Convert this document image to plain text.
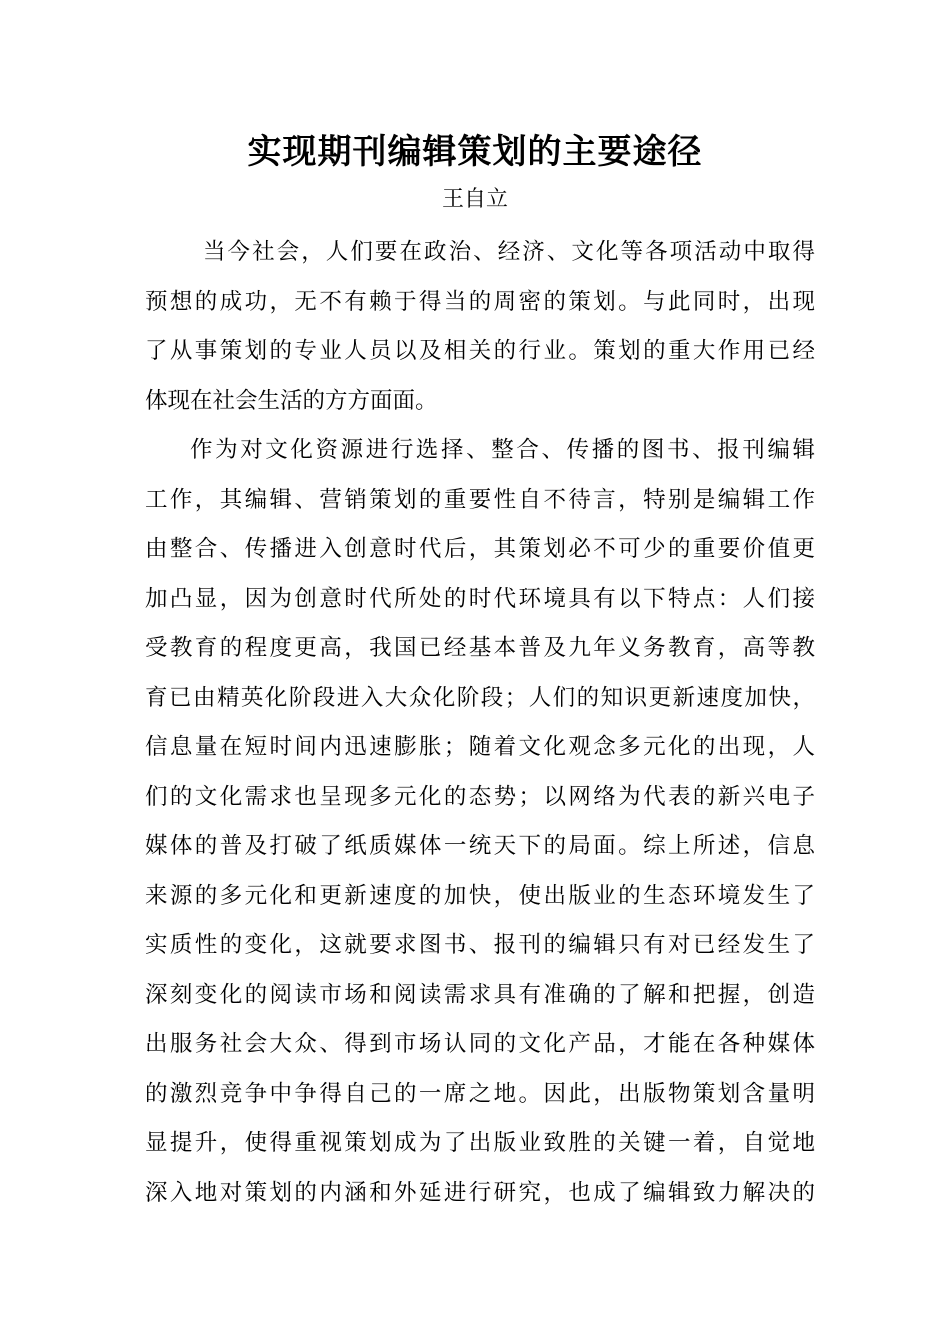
实现期刊编辑策划的主要途径
王自立
当今社会，人们要在政治、经济、文化等各项活动中取得
预想的成功，无不有赖于得当的周密的策划。与此同时，出现
了从事策划的专业人员以及相关的行业。策划的重大作用已经
体现在社会生活的方方面面。
作为对文化资源进行选择、整合、传播的图书、报刊编辑
工作，其编辑、营销策划的重要性自不待言，特别是编辑工作
由整合、传播进入创意时代后，其策划必不可少的重要价值更
加凸显，因为创意时代所处的时代环境具有以下特点：人们接
受教育的程度更高，我国已经基本普及九年义务教育，高等教
育已由精英化阶段进入大众化阶段；人们的知识更新速度加快，
信息量在短时间内迅速膨胀；随着文化观念多元化的出现，人
们的文化需求也呈现多元化的态势；以网络为代表的新兴电子
媒体的普及打破了纸质媒体一统天下的局面。综上所述，信息
来源的多元化和更新速度的加快，使出版业的生态环境发生了
实质性的变化，这就要求图书、报刊的编辑只有对已经发生了
深刻变化的阅读市场和阅读需求具有准确的了解和把握，创造
出服务社会大众、得到市场认同的文化产品，才能在各种媒体
的激烈竞争中争得自己的一席之地。因此，出版物策划含量明
显提升，使得重视策划成为了出版业致胜的关键一着，自觉地
深入地对策划的内涵和外延进行研究，也成了编辑致力解决的
